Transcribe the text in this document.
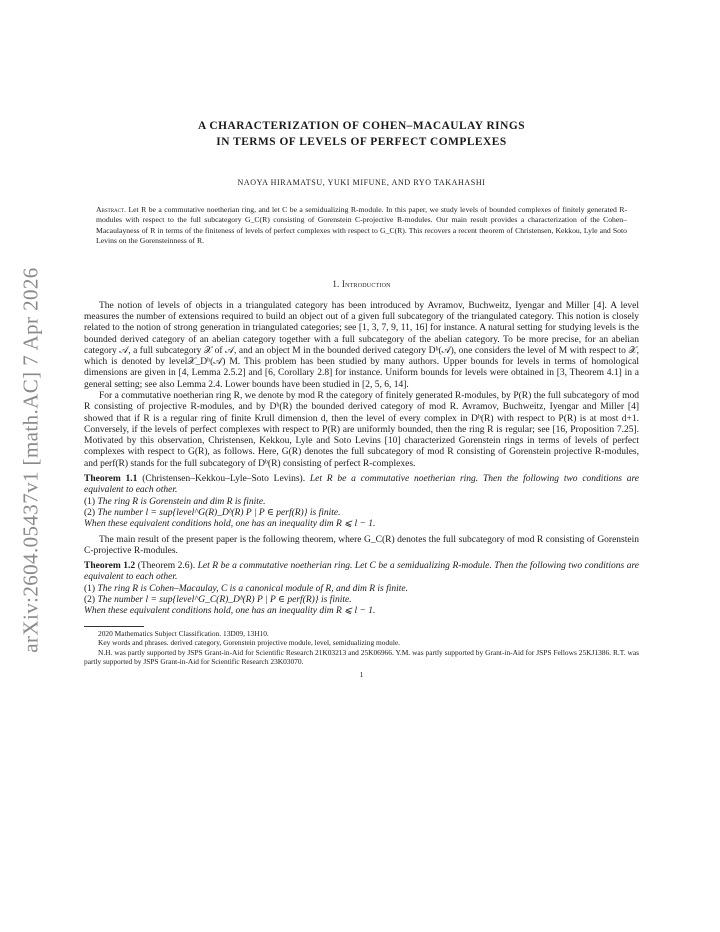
arXiv:2604.05437v1 [math.AC] 7 Apr 2026
A CHARACTERIZATION OF COHEN–MACAULAY RINGS
IN TERMS OF LEVELS OF PERFECT COMPLEXES
NAOYA HIRAMATSU, YUKI MIFUNE, AND RYO TAKAHASHI
Abstract. Let R be a commutative noetherian ring, and let C be a semidualizing R-module. In this paper, we study levels of bounded complexes of finitely generated R-modules with respect to the full subcategory G_C(R) consisting of Gorenstein C-projective R-modules. Our main result provides a characterization of the Cohen–Macaulayness of R in terms of the finiteness of levels of perfect complexes with respect to G_C(R). This recovers a recent theorem of Christensen, Kekkou, Lyle and Soto Levins on the Gorensteinness of R.
1. Introduction

The notion of levels of objects in a triangulated category has been introduced by Avramov, Buchweitz, Iyengar and Miller [4]. A level measures the number of extensions required to build an object out of a given full subcategory of the triangulated category. This notion is closely related to the notion of strong generation in triangulated categories; see [1, 3, 7, 9, 11, 16] for instance. A natural setting for studying levels is the bounded derived category of an abelian category together with a full subcategory of the abelian category. To be more precise, for an abelian category 𝒜, a full subcategory 𝒳 of 𝒜, and an object M in the bounded derived category Dᵇ(𝒜), one considers the level of M with respect to 𝒳, which is denoted by level𝒳_Dᵇ(𝒜) M. This problem has been studied by many authors. Upper bounds for levels in terms of homological dimensions are given in [4, Lemma 2.5.2] and [6, Corollary 2.8] for instance. Uniform bounds for levels were obtained in [3, Theorem 4.1] in a general setting; see also Lemma 2.4. Lower bounds have been studied in [2, 5, 6, 14].

For a commutative noetherian ring R, we denote by mod R the category of finitely generated R-modules, by P(R) the full subcategory of mod R consisting of projective R-modules, and by Dᵇ(R) the bounded derived category of mod R. Avramov, Buchweitz, Iyengar and Miller [4] showed that if R is a regular ring of finite Krull dimension d, then the level of every complex in Dᵇ(R) with respect to P(R) is at most d+1. Conversely, if the levels of perfect complexes with respect to P(R) are uniformly bounded, then the ring R is regular; see [16, Proposition 7.25]. Motivated by this observation, Christensen, Kekkou, Lyle and Soto Levins [10] characterized Gorenstein rings in terms of levels of perfect complexes with respect to G(R), as follows. Here, G(R) denotes the full subcategory of mod R consisting of Gorenstein projective R-modules, and perf(R) stands for the full subcategory of Dᵇ(R) consisting of perfect R-complexes.

Theorem 1.1 (Christensen–Kekkou–Lyle–Soto Levins). Let R be a commutative noetherian ring. Then the following two conditions are equivalent to each other.
(1) The ring R is Gorenstein and dim R is finite.
(2) The number l = sup{level^G(R)_Dᵇ(R) P | P ∈ perf(R)} is finite.
When these equivalent conditions hold, one has an inequality dim R ⩽ l − 1.

The main result of the present paper is the following theorem, where G_C(R) denotes the full subcategory of mod R consisting of Gorenstein C-projective R-modules.

Theorem 1.2 (Theorem 2.6). Let R be a commutative noetherian ring. Let C be a semidualizing R-module. Then the following two conditions are equivalent to each other.
(1) The ring R is Cohen–Macaulay, C is a canonical module of R, and dim R is finite.
(2) The number l = sup{level^G_C(R)_Dᵇ(R) P | P ∈ perf(R)} is finite.
When these equivalent conditions hold, one has an inequality dim R ⩽ l − 1.
2020 Mathematics Subject Classification. 13D09, 13H10.
Key words and phrases. derived category, Gorenstein projective module, level, semidualizing module.
N.H. was partly supported by JSPS Grant-in-Aid for Scientific Research 21K03213 and 25K06966. Y.M. was partly supported by Grant-in-Aid for JSPS Fellows 25KJ1386. R.T. was partly supported by JSPS Grant-in-Aid for Scientific Research 23K03070.
1
